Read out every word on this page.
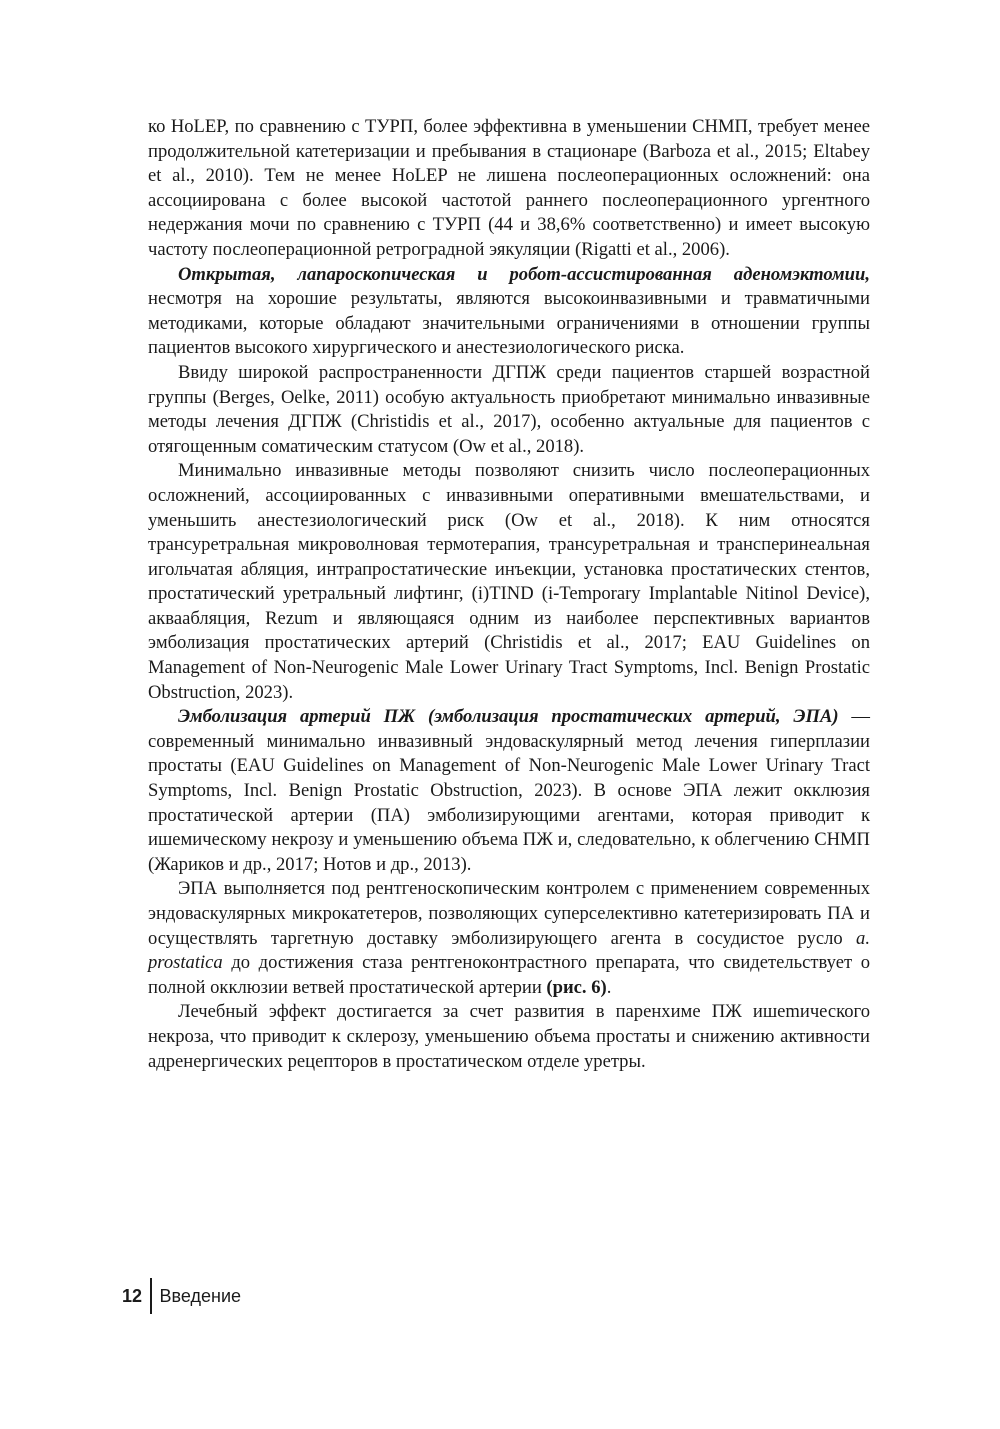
ко HoLEP, по сравнению с ТУРП, более эффективна в уменьшении СНМП, требует менее продолжительной катетеризации и пребывания в стационаре (Barboza et al., 2015; Eltabey et al., 2010). Тем не менее HoLEP не лишена послеоперационных осложнений: она ассоциирована с более высокой частотой раннего послеоперационного ургентного недержания мочи по сравнению с ТУРП (44 и 38,6% соответственно) и имеет высокую частоту послеоперационной ретроградной эякуляции (Rigatti et al., 2006).

Открытая, лапароскопическая и робот-ассистированная аденомэктомии, несмотря на хорошие результаты, являются высокоинвазивными и травматичными методиками, которые обладают значительными ограничениями в отношении группы пациентов высокого хирургического и анестезиологического риска.

Ввиду широкой распространенности ДГПЖ среди пациентов старшей возрастной группы (Berges, Oelke, 2011) особую актуальность приобретают минимально инвазивные методы лечения ДГПЖ (Christidis et al., 2017), особенно актуальные для пациентов с отягощенным соматическим статусом (Ow et al., 2018).

Минимально инвазивные методы позволяют снизить число послеоперационных осложнений, ассоциированных с инвазивными оперативными вмешательствами, и уменьшить анестезиологический риск (Ow et al., 2018). К ним относятся трансуретральная микроволновая термотерапия, трансуретральная и трансперинеальная игольчатая абляция, интрапростатические инъекции, установка простатических стентов, простатический уретральный лифтинг, (i)TIND (i-Temporary Implantable Nitinol Device), акваабляция, Rezum и являющаяся одним из наиболее перспективных вариантов эмболизация простатических артерий (Christidis et al., 2017; EAU Guidelines on Management of Non-Neurogenic Male Lower Urinary Tract Symptoms, Incl. Benign Prostatic Obstruction, 2023).

Эмболизация артерий ПЖ (эмболизация простатических артерий, ЭПА) — современный минимально инвазивный эндоваскулярный метод лечения гиперплазии простаты (EAU Guidelines on Management of Non-Neurogenic Male Lower Urinary Tract Symptoms, Incl. Benign Prostatic Obstruction, 2023). В основе ЭПА лежит окклюзия простатической артерии (ПА) эмболизирующими агентами, которая приводит к ишемическому некрозу и уменьшению объема ПЖ и, следовательно, к облегчению СНМП (Жариков и др., 2017; Нотов и др., 2013).

ЭПА выполняется под рентгеноскопическим контролем с применением современных эндоваскулярных микрокатетеров, позволяющих суперселективно катетеризировать ПА и осуществлять таргетную доставку эмболизирующего агента в сосудистое русло a. prostatica до достижения стаза рентгеноконтрастного препарата, что свидетельствует о полной окклюзии ветвей простатической артерии (рис. 6).

Лечебный эффект достигается за счет развития в паренхиме ПЖ ишеmического некроза, что приводит к склерозу, уменьшению объема простаты и снижению активности адренергических рецепторов в простатическом отделе уретры.

12 Введение
